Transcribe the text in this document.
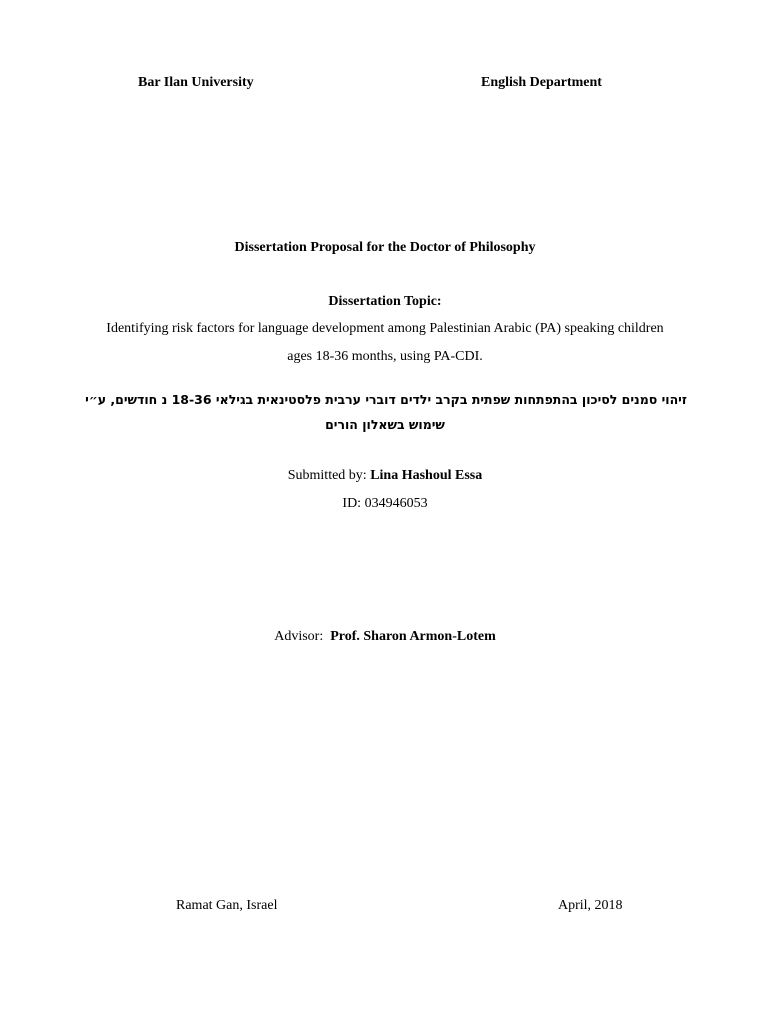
Bar Ilan University	English Department
Dissertation Proposal for the Doctor of Philosophy
Dissertation Topic:
Identifying risk factors for language development among Palestinian Arabic (PA) speaking children
ages 18-36 months, using PA-CDI.
זיהוי סמנים לסיכון בהתפתחות שפתית בקרב ילדים דוברי ערבית פלסטינאית בגילאי 18-36 נ חודשים, ע״י
שימוש בשאלון הורים
Submitted by: Lina Hashoul Essa
ID: 034946053
Advisor: Prof. Sharon Armon-Lotem
Ramat Gan, Israel	April, 2018
